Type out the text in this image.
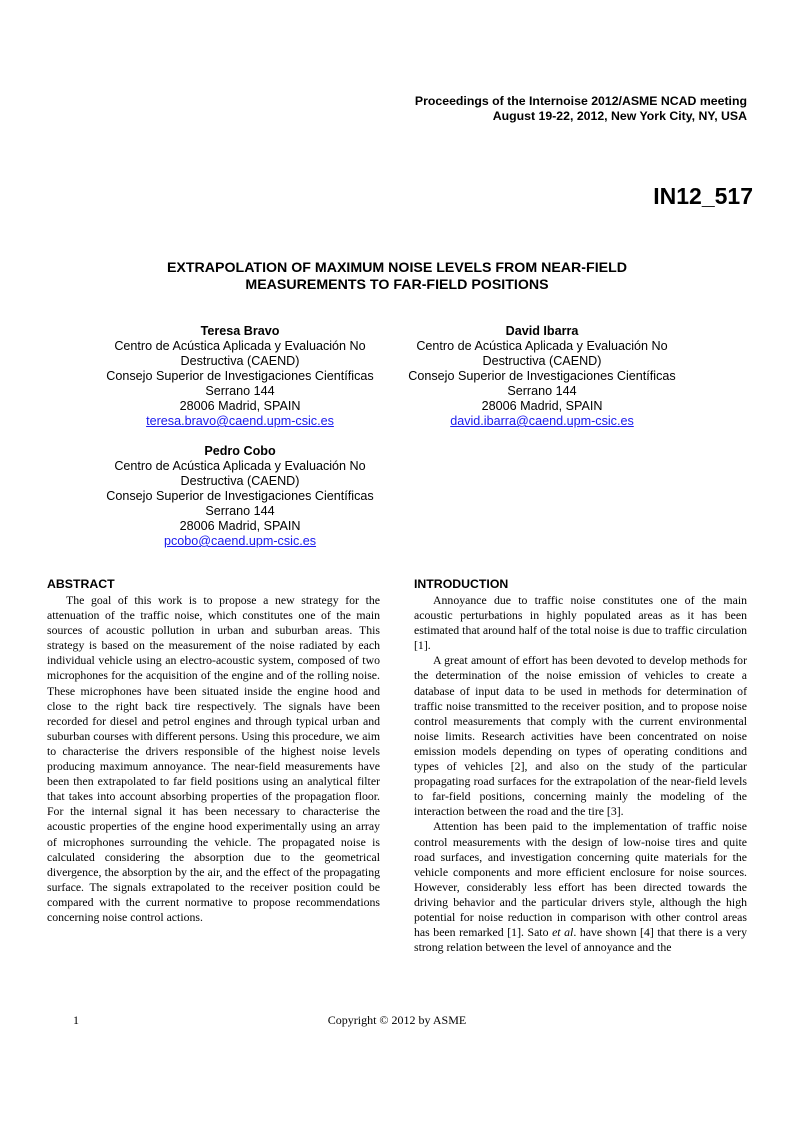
Proceedings of the Internoise 2012/ASME NCAD meeting
August 19-22, 2012, New York City, NY, USA
IN12_517
EXTRAPOLATION OF MAXIMUM NOISE LEVELS FROM NEAR-FIELD
MEASUREMENTS TO FAR-FIELD POSITIONS
Teresa Bravo
Centro de Acústica Aplicada y Evaluación No
Destructiva (CAEND)
Consejo Superior de Investigaciones Científicas
Serrano 144
28006 Madrid, SPAIN
teresa.bravo@caend.upm-csic.es
David Ibarra
Centro de Acústica Aplicada y Evaluación No
Destructiva (CAEND)
Consejo Superior de Investigaciones Científicas
Serrano 144
28006 Madrid, SPAIN
david.ibarra@caend.upm-csic.es
Pedro Cobo
Centro de Acústica Aplicada y Evaluación No
Destructiva (CAEND)
Consejo Superior de Investigaciones Científicas
Serrano 144
28006 Madrid, SPAIN
pcobo@caend.upm-csic.es
ABSTRACT

The goal of this work is to propose a new strategy for the attenuation of the traffic noise, which constitutes one of the main sources of acoustic pollution in urban and suburban areas. This strategy is based on the measurement of the noise radiated by each individual vehicle using an electro-acoustic system, composed of two microphones for the acquisition of the engine and of the rolling noise. These microphones have been situated inside the engine hood and close to the right back tire respectively. The signals have been recorded for diesel and petrol engines and through typical urban and suburban courses with different persons. Using this procedure, we aim to characterise the drivers responsible of the highest noise levels producing maximum annoyance. The near-field measurements have been then extrapolated to far field positions using an analytical filter that takes into account absorbing properties of the propagation floor. For the internal signal it has been necessary to characterise the acoustic properties of the engine hood experimentally using an array of microphones surrounding the vehicle. The propagated noise is calculated considering the absorption due to the geometrical divergence, the absorption by the air, and the effect of the propagating surface. The signals extrapolated to the receiver position could be compared with the current normative to propose recommendations concerning noise control actions.

INTRODUCTION

Annoyance due to traffic noise constitutes one of the main acoustic perturbations in highly populated areas as it has been estimated that around half of the total noise is due to traffic circulation [1].

A great amount of effort has been devoted to develop methods for the determination of the noise emission of vehicles to create a database of input data to be used in methods for determination of traffic noise transmitted to the receiver position, and to propose noise control measurements that comply with the current environmental noise limits. Research activities have been concentrated on noise emission models depending on types of operating conditions and types of vehicles [2], and also on the study of the particular propagating road surfaces for the extrapolation of the near-field levels to far-field positions, concerning mainly the modeling of the interaction between the road and the tire [3].

Attention has been paid to the implementation of traffic noise control measurements with the design of low-noise tires and quite road surfaces, and investigation concerning quite materials for the vehicle components and more efficient enclosure for noise sources. However, considerably less effort has been directed towards the driving behavior and the particular drivers style, although the high potential for noise reduction in comparison with other control areas has been remarked [1]. Sato et al. have shown [4] that there is a very strong relation between the level of annoyance and the

1	Copyright © 2012 by ASME
